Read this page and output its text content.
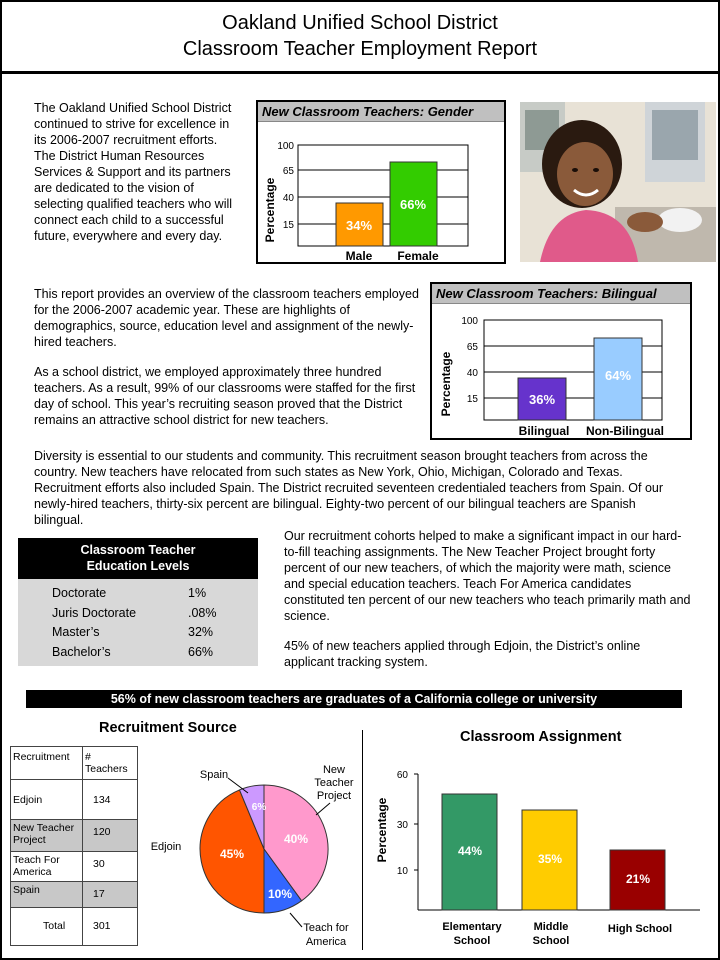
Oakland Unified School District
Classroom Teacher Employment Report
The Oakland Unified School District continued to strive for excellence in its 2006-2007 recruitment efforts. The District Human Resources Services & Support and its partners are dedicated to the vision of selecting qualified teachers who will connect each child to a successful future, everywhere and every day.
New Classroom Teachers: Gender
Percentage
100
65
40
15	34%
66%
Male Female
This report provides an overview of the classroom teachers employed for the 2006-2007 academic year. These are highlights of demographics, source, education level and assignment of the newly-hired teachers.
As a school district, we employed approximately three hundred teachers. As a result, 99% of our classrooms were staffed for the first day of school. This year’s recruiting season proved that the District remains an attractive school district for new teachers.
New Classroom Teachers: Bilingual
Percentage
100
65
40
15	36%
64%
Bilingual Non-Bilingual
Diversity is essential to our students and community. This recruitment season brought teachers from across the country. New teachers have relocated from such states as New York, Ohio, Michigan, Colorado and Texas. Recruitment efforts also included Spain. The District recruited seventeen credentialed teachers from Spain. Of our newly-hired teachers, thirty-six percent are bilingual. Eighty-two percent of our bilingual teachers are Spanish bilingual.
Classroom Teacher
Education Levels
Doctorate	1%
Juris Doctorate	.08%
Master’s	32%
Bachelor’s	66%
Our recruitment cohorts helped to make a significant impact in our hard-to-fill teaching assignments. The New Teacher Project brought forty percent of our new teachers, of which the majority were math, science and special education teachers. Teach For America candidates constituted ten percent of our new teachers who teach primarily math and science.
45% of new teachers applied through Edjoin, the District’s online applicant tracking system.
56% of new classroom teachers are graduates of a California college or university
Recruitment Source
Classroom Assignment
Recruitment	# Teachers
Edjoin	134
New Teacher Project	120
Teach For America	30
Spain	17
Total	301
40%
10%
45%
6%
New
Teacher
Project
Spain
Edjoin
Teach for
America
Percentage
60
30
10
44%
35%
21%
Elementary
School
Middle
School
High School
